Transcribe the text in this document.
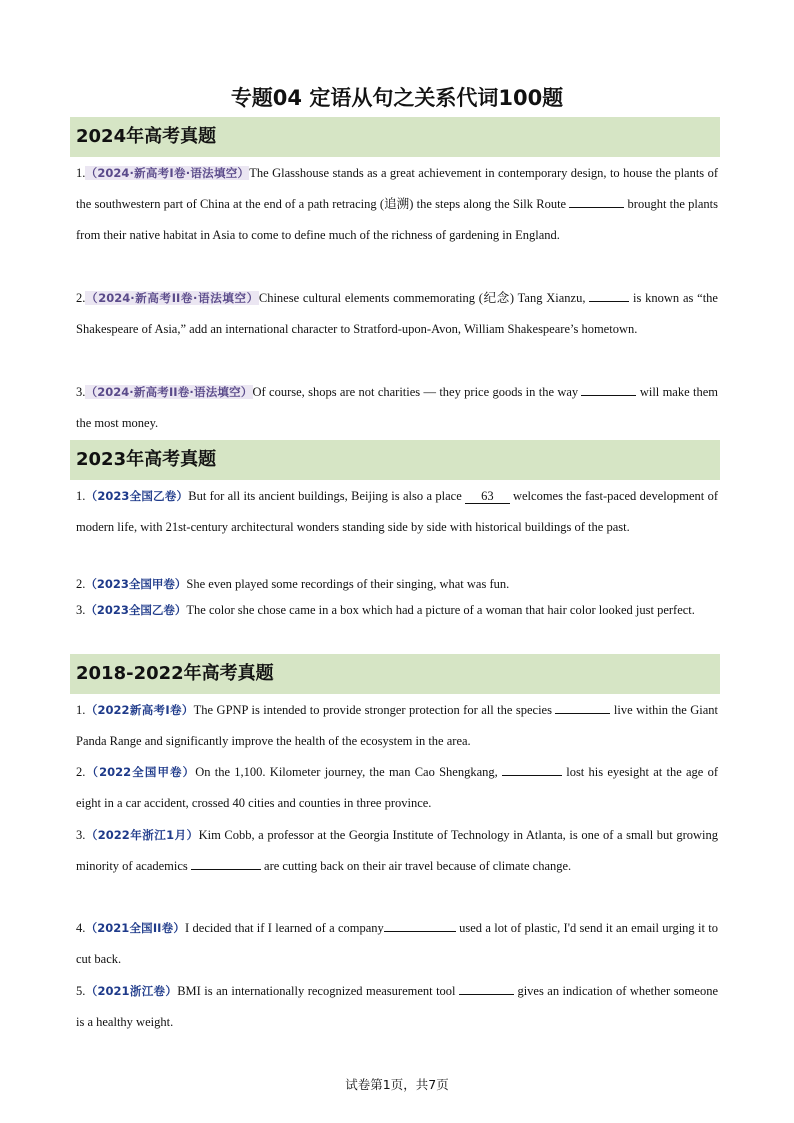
专题04 定语从句之关系代词100题
2024年高考真题
1.（2024·新高考Ⅰ卷·语法填空）The Glasshouse stands as a great achievement in contemporary design, to house the plants of the southwestern part of China at the end of a path retracing (追溯) the steps along the Silk Route	brought the plants from their native habitat in Asia to come to define much of the richness of gardening in England.
2.（2024·新高考II卷·语法填空）Chinese cultural elements commemorating (纪念) Tang Xianzu,	is known as “the Shakespeare of Asia,” add an international character to Stratford-upon-Avon, William Shakespeare’s hometown.
3.（2024·新高考II卷·语法填空）Of course, shops are not charities — they price goods in the way	will make them the most money.
2023年高考真题
1.（2023全国乙卷）But for all its ancient buildings, Beijing is also a place 63 welcomes the fast-paced development of modern life, with 21st-century architectural wonders standing side by side with historical buildings of the past.
2.（2023全国甲卷）She even played some recordings of their singing, what was fun.
3.（2023全国乙卷）The color she chose came in a box which had a picture of a woman that hair color looked just perfect.
2018-2022年高考真题
1.（2022新高考Ⅰ卷）The GPNP is intended to provide stronger protection for all the species	live within the Giant Panda Range and significantly improve the health of the ecosystem in the area.
2.（2022全国甲卷）On the 1,100. Kilometer journey, the man Cao Shengkang,	lost his eyesight at the age of eight in a car accident, crossed 40 cities and counties in three province.
3.（2022年浙江1月）Kim Cobb, a professor at the Georgia Institute of Technology in Atlanta, is one of a small but growing minority of academics	are cutting back on their air travel because of climate change.
4.（2021全国II卷）I decided that if I learned of a company	used a lot of plastic, I'd send it an email urging it to cut back.
5.（2021浙江卷）BMI is an internationally recognized measurement tool	gives an indication of whether someone is a healthy weight.
试卷第1页，共7页
